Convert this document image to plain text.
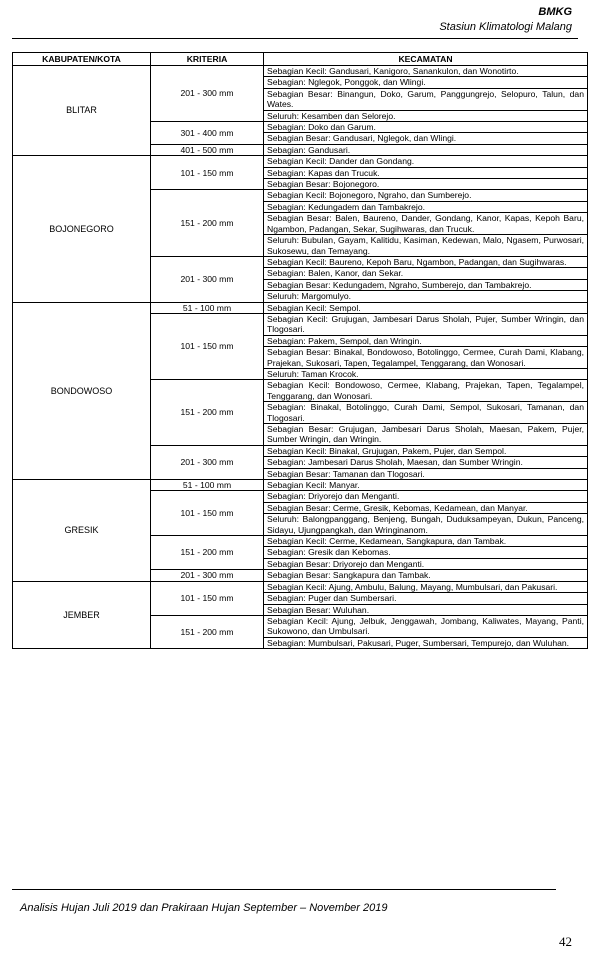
BMKG
Stasiun Klimatologi Malang
KABUPATEN/KOTA	KRITERIA	KECAMATAN
BLITAR	201 - 300 mm	Sebagian Kecil: Gandusari, Kanigoro, Sanankulon, dan Wonotirto.
		Sebagian: Nglegok, Ponggok, dan Wlingi.
		Sebagian Besar: Binangun, Doko, Garum, Panggungrejo, Selopuro, Talun, dan Wates.
		Seluruh: Kesamben dan Selorejo.
	301 - 400 mm	Sebagian: Doko dan Garum.
		Sebagian Besar: Gandusari, Nglegok, dan Wlingi.
	401 - 500 mm	Sebagian: Gandusari.
BOJONEGORO	101 - 150 mm	Sebagian Kecil: Dander dan Gondang.
		Sebagian: Kapas dan Trucuk.
		Sebagian Besar: Bojonegoro.
	151 - 200 mm	Sebagian Kecil: Bojonegoro, Ngraho, dan Sumberejo.
		Sebagian: Kedungadem dan Tambakrejo.
		Sebagian Besar: Balen, Baureno, Dander, Gondang, Kanor, Kapas, Kepoh Baru, Ngambon, Padangan, Sekar, Sugihwaras, dan Trucuk.
		Seluruh: Bubulan, Gayam, Kalitidu, Kasiman, Kedewan, Malo, Ngasem, Purwosari, Sukosewu, dan Temayang.
	201 - 300 mm	Sebagian Kecil: Baureno, Kepoh Baru, Ngambon, Padangan, dan Sugihwaras.
		Sebagian: Balen, Kanor, dan Sekar.
		Sebagian Besar: Kedungadem, Ngraho, Sumberejo, dan Tambakrejo.
		Seluruh: Margomulyo.
BONDOWOSO	51 - 100 mm	Sebagian Kecil: Sempol.
	101 - 150 mm	Sebagian Kecil: Grujugan, Jambesari Darus Sholah, Pujer, Sumber Wringin, dan Tlogosari.
		Sebagian: Pakem, Sempol, dan Wringin.
		Sebagian Besar: Binakal, Bondowoso, Botolinggo, Cermee, Curah Dami, Klabang, Prajekan, Sukosari, Tapen, Tegalampel, Tenggarang, dan Wonosari.
		Seluruh: Taman Krocok.
	151 - 200 mm	Sebagian Kecil: Bondowoso, Cermee, Klabang, Prajekan, Tapen, Tegalampel, Tenggarang, dan Wonosari.
		Sebagian: Binakal, Botolinggo, Curah Dami, Sempol, Sukosari, Tamanan, dan Tlogosari.
		Sebagian Besar: Grujugan, Jambesari Darus Sholah, Maesan, Pakem, Pujer, Sumber Wringin, dan Wringin.
	201 - 300 mm	Sebagian Kecil: Binakal, Grujugan, Pakem, Pujer, dan Sempol.
		Sebagian: Jambesari Darus Sholah, Maesan, dan Sumber Wringin.
		Sebagian Besar: Tamanan dan Tlogosari.
GRESIK	51 - 100 mm	Sebagian Kecil: Manyar.
	101 - 150 mm	Sebagian: Driyorejo dan Menganti.
		Sebagian Besar: Cerme, Gresik, Kebomas, Kedamean, dan Manyar.
		Seluruh: Balongpanggang, Benjeng, Bungah, Duduksampeyan, Dukun, Panceng, Sidayu, Ujungpangkah, dan Wringinanom.
	151 - 200 mm	Sebagian Kecil: Cerme, Kedamean, Sangkapura, dan Tambak.
		Sebagian: Gresik dan Kebomas.
		Sebagian Besar: Driyorejo dan Menganti.
	201 - 300 mm	Sebagian Besar: Sangkapura dan Tambak.
JEMBER	101 - 150 mm	Sebagian Kecil: Ajung, Ambulu, Balung, Mayang, Mumbulsari, dan Pakusari.
		Sebagian: Puger dan Sumbersari.
		Sebagian Besar: Wuluhan.
	151 - 200 mm	Sebagian Kecil: Ajung, Jelbuk, Jenggawah, Jombang, Kaliwates, Mayang, Panti, Sukowono, dan Umbulsari.
		Sebagian: Mumbulsari, Pakusari, Puger, Sumbersari, Tempurejo, dan Wuluhan.
Analisis Hujan Juli 2019 dan Prakiraan Hujan September – November 2019
42
